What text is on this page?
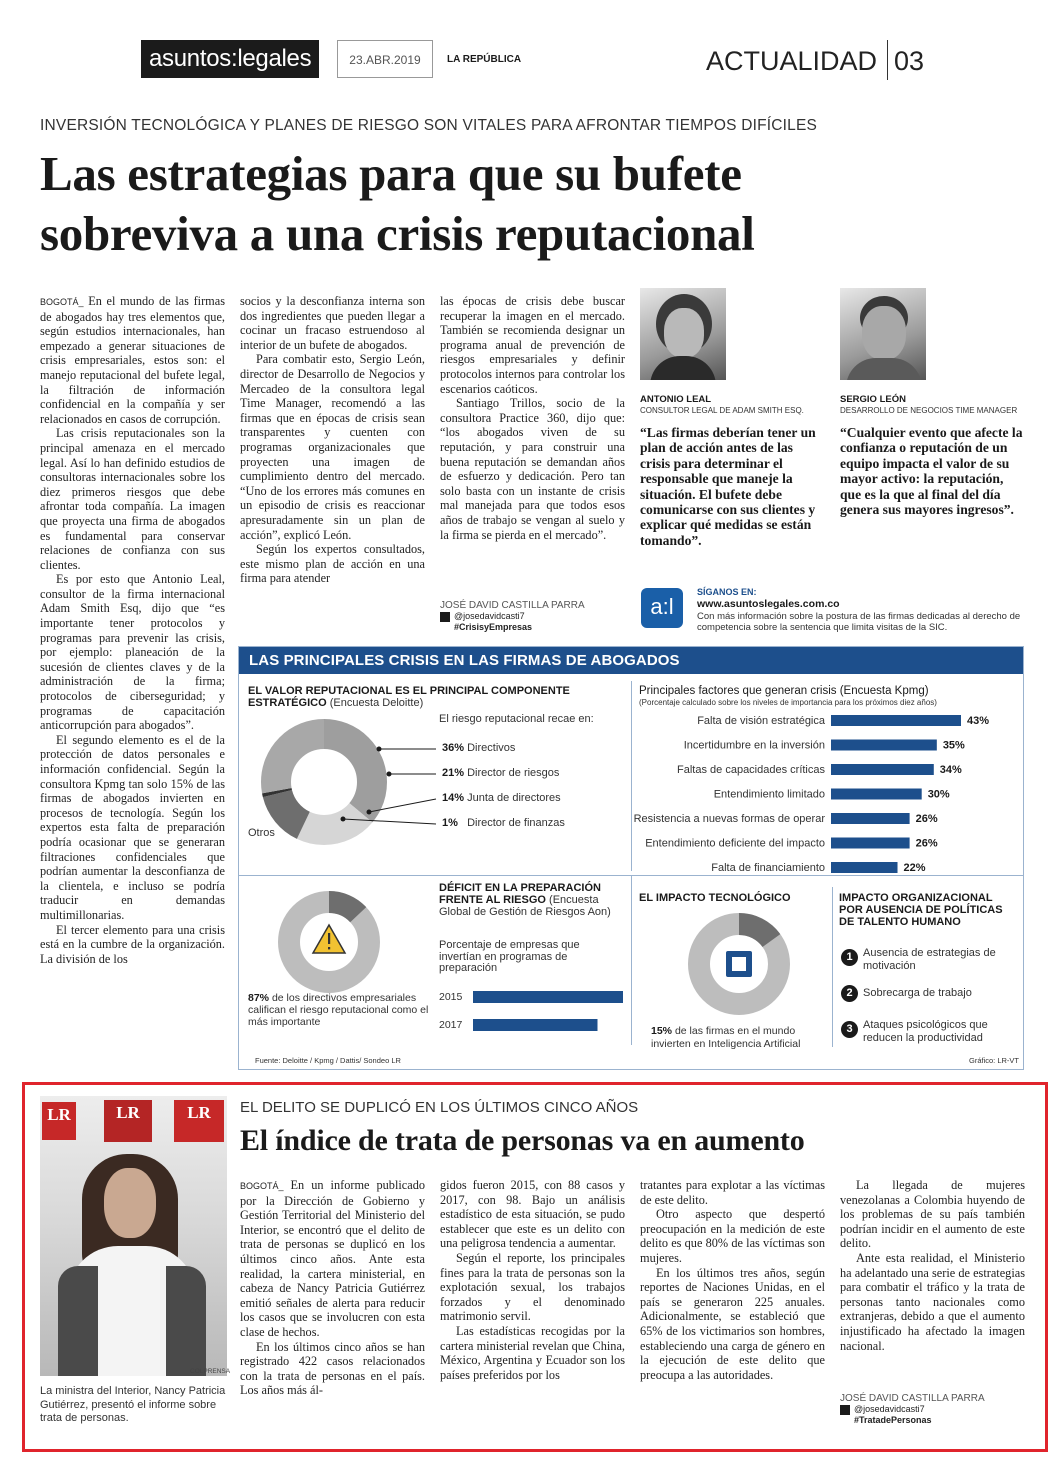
asuntos:legales	23.ABR.2019	LA REPÚBLICA	ACTUALIDAD 03
INVERSIÓN TECNOLÓGICA Y PLANES DE RIESGO SON VITALES PARA AFRONTAR TIEMPOS DIFÍCILES
Las estrategias para que su bufete
sobreviva a una crisis reputacional

BOGOTÁ_ En el mundo de las firmas de abogados hay tres elementos que, según estudios internacionales, han empezado a generar situaciones de crisis empresariales, estos son: el manejo reputacional del bufete legal, la filtración de información confidencial en la compañía y ser relacionados en casos de corrupción.

Las crisis reputacionales son la principal amenaza en el mercado legal. Así lo han definido estudios de consultoras internacionales sobre los diez primeros riesgos que debe afrontar toda compañía. La imagen que proyecta una firma de abogados es fundamental para conservar relaciones de confianza con sus clientes.

Es por esto que Antonio Leal, consultor de la firma internacional Adam Smith Esq, dijo que “es importante tener protocolos y programas para prevenir las crisis, por ejemplo: planeación de la sucesión de clientes claves y de la administración de la firma; protocolos de ciberseguridad; y programas de capacitación anticorrupción para abogados”.

El segundo elemento es el de la protección de datos personales e información confidencial. Según la consultora Kpmg tan solo 15% de las firmas de abogados invierten en procesos de tecnología. Según los expertos esta falta de preparación podría ocasionar que se generaran filtraciones confidenciales que podrían aumentar la desconfianza de la clientela, e incluso se podría traducir en demandas multimillonarias.

El tercer elemento para una crisis está en la cumbre de la organización. La división de los

socios y la desconfianza interna son dos ingredientes que pueden llegar a cocinar un fracaso estruendoso al interior de un bufete de abogados.

Para combatir esto, Sergio León, director de Desarrollo de Negocios y Mercadeo de la consultora legal Time Manager, recomendó a las firmas que en épocas de crisis sean transparentes y cuenten con programas organizacionales que proyecten una imagen de cumplimiento dentro del mercado. “Uno de los errores más comunes en un episodio de crisis es reaccionar apresuradamente sin un plan de acción”, explicó León.

Según los expertos consultados, este mismo plan de acción en una firma para atender

las épocas de crisis debe buscar recuperar la imagen en el mercado. También se recomienda designar un programa anual de prevención de riesgos empresariales y definir protocolos internos para controlar los escenarios caóticos.

Santiago Trillos, socio de la consultora Practice 360, dijo que: “los abogados viven de su reputación, y para construir una buena reputación se demandan años de esfuerzo y dedicación. Pero tan solo basta con un instante de crisis mal manejada para que todos esos años de trabajo se vengan al suelo y la firma se pierda en el mercado”.

JOSÉ DAVID CASTILLA PARRA
@josedavidcasti7
#CrisisyEmpresas
ANTONIO LEAL
CONSULTOR LEGAL DE ADAM SMITH ESQ.
“Las firmas deberían tener un plan de acción antes de las crisis para determinar el responsable que maneje la situación. El bufete debe comunicarse con sus clientes y explicar qué medidas se están tomando”.
SERGIO LEÓN
DESARROLLO DE NEGOCIOS TIME MANAGER
“Cualquier evento que afecte la confianza o reputación de un equipo impacta el valor de su mayor activo: la reputación, que es la que al final del día genera sus mayores ingresos”.
a:l
SÍGANOS EN:
www.asuntoslegales.com.co
Con más información sobre la postura de las firmas dedicadas al derecho de competencia sobre la sentencia que limita visitas de la SIC.
LAS PRINCIPALES CRISIS EN LAS FIRMAS DE ABOGADOS
EL VALOR REPUTACIONAL ES EL PRINCIPAL COMPONENTE ESTRATÉGICO (Encuesta Deloitte)
El riesgo reputacional recae en:
Otros
36% Directivos
21% Director de riesgos
14% Junta de directores
1% Director de finanzas
Principales factores que generan crisis (Encuesta Kpmg)
(Porcentaje calculado sobre los niveles de importancia para los próximos diez años)
Falta de visión estratégica	43%
Incertidumbre en la inversión	35%
Faltas de capacidades críticas	34%
Entendimiento limitado	30%
Resistencia a nuevas formas de operar	26%
Entendimiento deficiente del impacto	26%
Falta de financiamiento	22%
87% de los directivos empresariales califican el riesgo reputacional como el más importante
DÉFICIT EN LA PREPARACIÓN FRENTE AL RIESGO (Encuesta Global de Gestión de Riesgos Aon)
Porcentaje de empresas que invertían en programas de preparación
2015
2017
EL IMPACTO TECNOLÓGICO
15% de las firmas en el mundo invierten en Inteligencia Artificial
IMPACTO ORGANIZACIONAL POR AUSENCIA DE POLÍTICAS DE TALENTO HUMANO
1 Ausencia de estrategias de motivación
2 Sobrecarga de trabajo
3 Ataques psicológicos que reducen la productividad
Fuente: Deloitte / Kpmg / Dattis/ Sondeo LR	Gráfico: LR-VT
LR	LR	LR
COLPRENSA
La ministra del Interior, Nancy Patricia Gutiérrez, presentó el informe sobre trata de personas.
EL DELITO SE DUPLICÓ EN LOS ÚLTIMOS CINCO AÑOS
El índice de trata de personas va en aumento

BOGOTÁ_ En un informe publicado por la Dirección de Gobierno y Gestión Territorial del Ministerio del Interior, se encontró que el delito de trata de personas se duplicó en los últimos cinco años. Ante esta realidad, la cartera ministerial, en cabeza de Nancy Patricia Gutiérrez emitió señales de alerta para reducir los casos que se involucren con esta clase de hechos.

En los últimos cinco años se han registrado 422 casos relacionados con la trata de personas en el país. Los años más ál-

gidos fueron 2015, con 88 casos y 2017, con 98. Bajo un análisis estadístico de esta situación, se pudo establecer que este es un delito con una peligrosa tendencia a aumentar.

Según el reporte, los principales fines para la trata de personas son la explotación sexual, los trabajos forzados y el denominado matrimonio servil.

Las estadísticas recogidas por la cartera ministerial revelan que China, México, Argentina y Ecuador son los países preferidos por los

tratantes para explotar a las víctimas de este delito.

Otro aspecto que despertó preocupación en la medición de este delito es que 80% de las víctimas son mujeres.

En los últimos tres años, según reportes de Naciones Unidas, en el país se generaron 225 anuales. Adicionalmente, se estableció que 65% de los victimarios son hombres, estableciendo una carga de género en la ejecución de este delito que preocupa a las autoridades.

La llegada de mujeres venezolanas a Colombia huyendo de los problemas de su país también podrían incidir en el aumento de este delito.

Ante esta realidad, el Ministerio ha adelantado una serie de estrategias para combatir el tráfico y la trata de personas tanto nacionales como extranjeras, debido a que el aumento injustificado ha afectado la imagen nacional.

JOSÉ DAVID CASTILLA PARRA
@josedavidcasti7
#TratadePersonas
